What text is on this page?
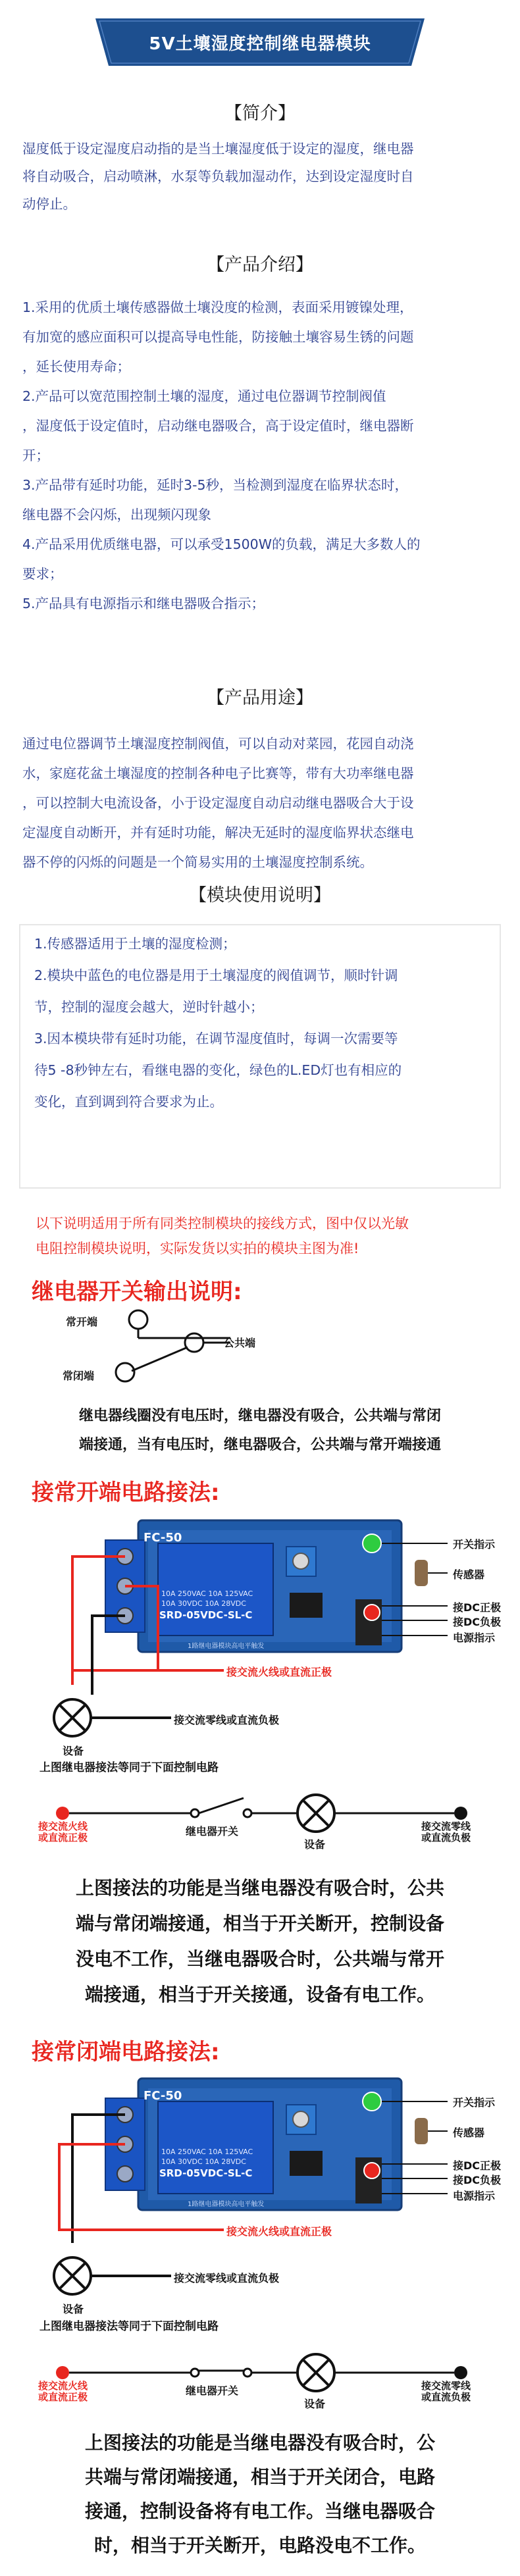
5V土壤湿度控制继电器模块
【简介】

湿度低于设定湿度启动指的是当土壤湿度低于设定的湿度，继电器

将自动吸合，启动喷淋，水泵等负载加湿动作，达到设定湿度时自

动停止。

【产品介绍】

1.采用的优质土壤传感器做土壤没度的检测，表面采用镀镍处理，

有加宽的感应面积可以提高导电性能，防接触土壤容易生锈的问题

，延长使用寿命；

2.产品可以宽范围控制土壤的湿度，通过电位器调节控制阀值

，湿度低于设定值时，启动继电器吸合，高于设定值时，继电器断

开；

3.产品带有延时功能，延时3-5秒，当检测到湿度在临界状态时，

继电器不会闪烁，出现频闪现象

4.产品采用优质继电器，可以承受1500W的负载，满足大多数人的

要求；

5.产品具有电源指示和继电器吸合指示；

【产品用途】

通过电位器调节土壤湿度控制阀值，可以自动对菜园，花园自动浇

水，家庭花盆土壤湿度的控制各种电子比赛等，带有大功率继电器

，可以控制大电流设备，小于设定湿度自动启动继电器吸合大于设

定湿度自动断开，并有延时功能，解决无延时的湿度临界状态继电

器不停的闪烁的问题是一个简易实用的土壤湿度控制系统。

【模块使用说明】

1.传感器适用于土壤的湿度检测；

2.模块中蓝色的电位器是用于土壤湿度的阀值调节，顺时针调

节，控制的湿度会越大，逆时针越小；

3.因本模块带有延时功能，在调节湿度值时，每调一次需要等

待5 -8秒钟左右，看继电器的变化，绿色的L.ED灯也有相应的

变化，直到调到符合要求为止。

以下说明适用于所有同类控制模块的接线方式，图中仅以光敏

电阻控制模块说明，实际发货以实拍的模块主图为准!

继电器开关输出说明:
常开端
公共端
常闭端

继电器线圈没有电压时，继电器没有吸合，公共端与常闭

端接通，当有电压时，继电器吸合，公共端与常开端接通

接常开端电路接法:
FC-50
10A 250VAC 10A 125VAC
10A 30VDC 10A 28VDC
SRD-05VDC-SL-C
1路继电器模块高电平触发
开关指示
传感器
接DC正极
接DC负极
电源指示
接交流火线或直流正极
接交流零线或直流负极
设备
上图继电器接法等同于下面控制电路
接交流火线
或直流正极	继电器开关
设备
接交流零线
或直流负极

上图接法的功能是当继电器没有吸合时，公共

端与常闭端接通，相当于开关断开，控制设备

没电不工作，当继电器吸合时，公共端与常开

端接通，相当于开关接通，设备有电工作。

接常闭端电路接法:
FC-50
10A 250VAC 10A 125VAC
10A 30VDC 10A 28VDC
SRD-05VDC-SL-C
1路继电器模块高电平触发
开关指示
传感器
接DC正极
接DC负极
电源指示
接交流火线或直流正极
接交流零线或直流负极
设备
上图继电器接法等同于下面控制电路
接交流火线
或直流正极	继电器开关
设备
接交流零线
或直流负极

上图接法的功能是当继电器没有吸合时，公

共端与常闭端接通，相当于开关闭合，电路

接通，控制设备将有电工作。当继电器吸合

时，相当于开关断开，电路没电不工作。
